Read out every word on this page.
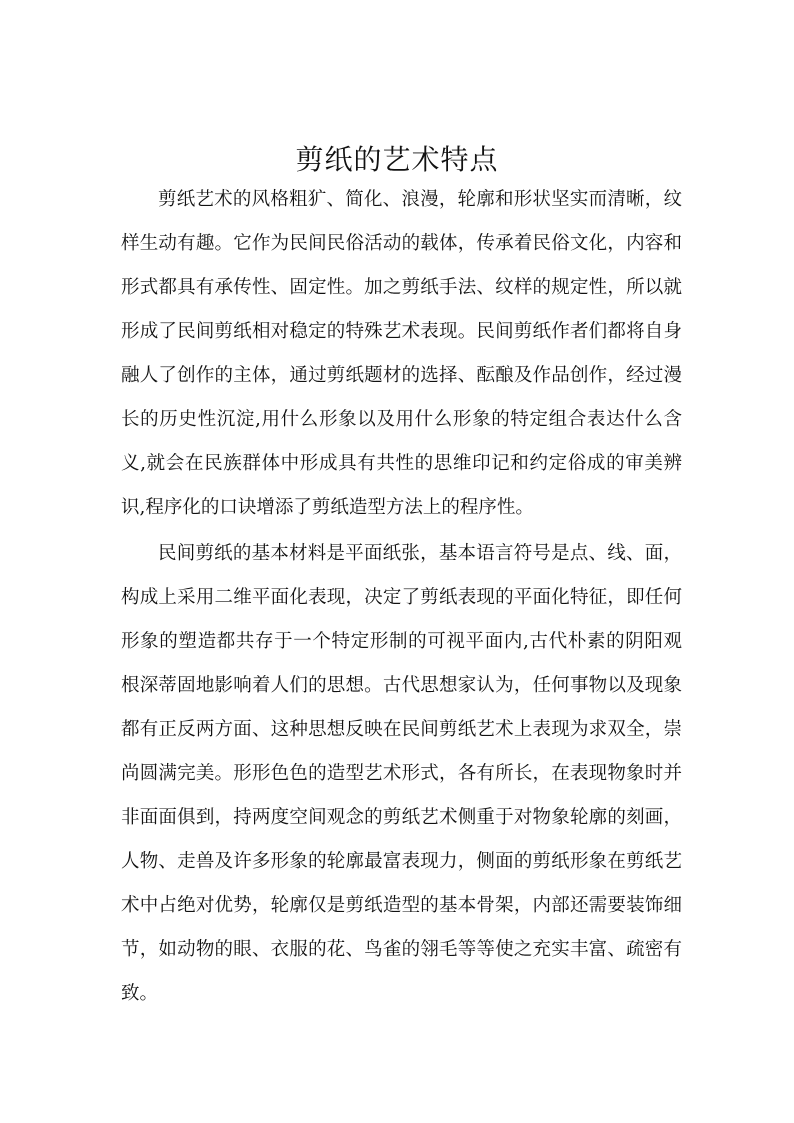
剪纸的艺术特点

剪纸艺术的风格粗犷、简化、浪漫，轮廓和形状坚实而清晰，纹

样生动有趣。它作为民间民俗活动的载体，传承着民俗文化，内容和

形式都具有承传性、固定性。加之剪纸手法、纹样的规定性，所以就

形成了民间剪纸相对稳定的特殊艺术表现。民间剪纸作者们都将自身

融人了创作的主体，通过剪纸题材的选择、酝酿及作品创作，经过漫

长的历史性沉淀,用什么形象以及用什么形象的特定组合表达什么含

义,就会在民族群体中形成具有共性的思维印记和约定俗成的审美辨

识,程序化的口诀增添了剪纸造型方法上的程序性。

民间剪纸的基本材料是平面纸张，基本语言符号是点、线、面，

构成上采用二维平面化表现，决定了剪纸表现的平面化特征，即任何

形象的塑造都共存于一个特定形制的可视平面内,古代朴素的阴阳观

根深蒂固地影响着人们的思想。古代思想家认为，任何事物以及现象

都有正反两方面、这种思想反映在民间剪纸艺术上表现为求双全，崇

尚圆满完美。形形色色的造型艺术形式，各有所长，在表现物象时并

非面面俱到，持两度空间观念的剪纸艺术侧重于对物象轮廓的刻画，

人物、走兽及许多形象的轮廓最富表现力，侧面的剪纸形象在剪纸艺

术中占绝对优势，轮廓仅是剪纸造型的基本骨架，内部还需要装饰细

节，如动物的眼、衣服的花、鸟雀的翎毛等等使之充实丰富、疏密有

致。
